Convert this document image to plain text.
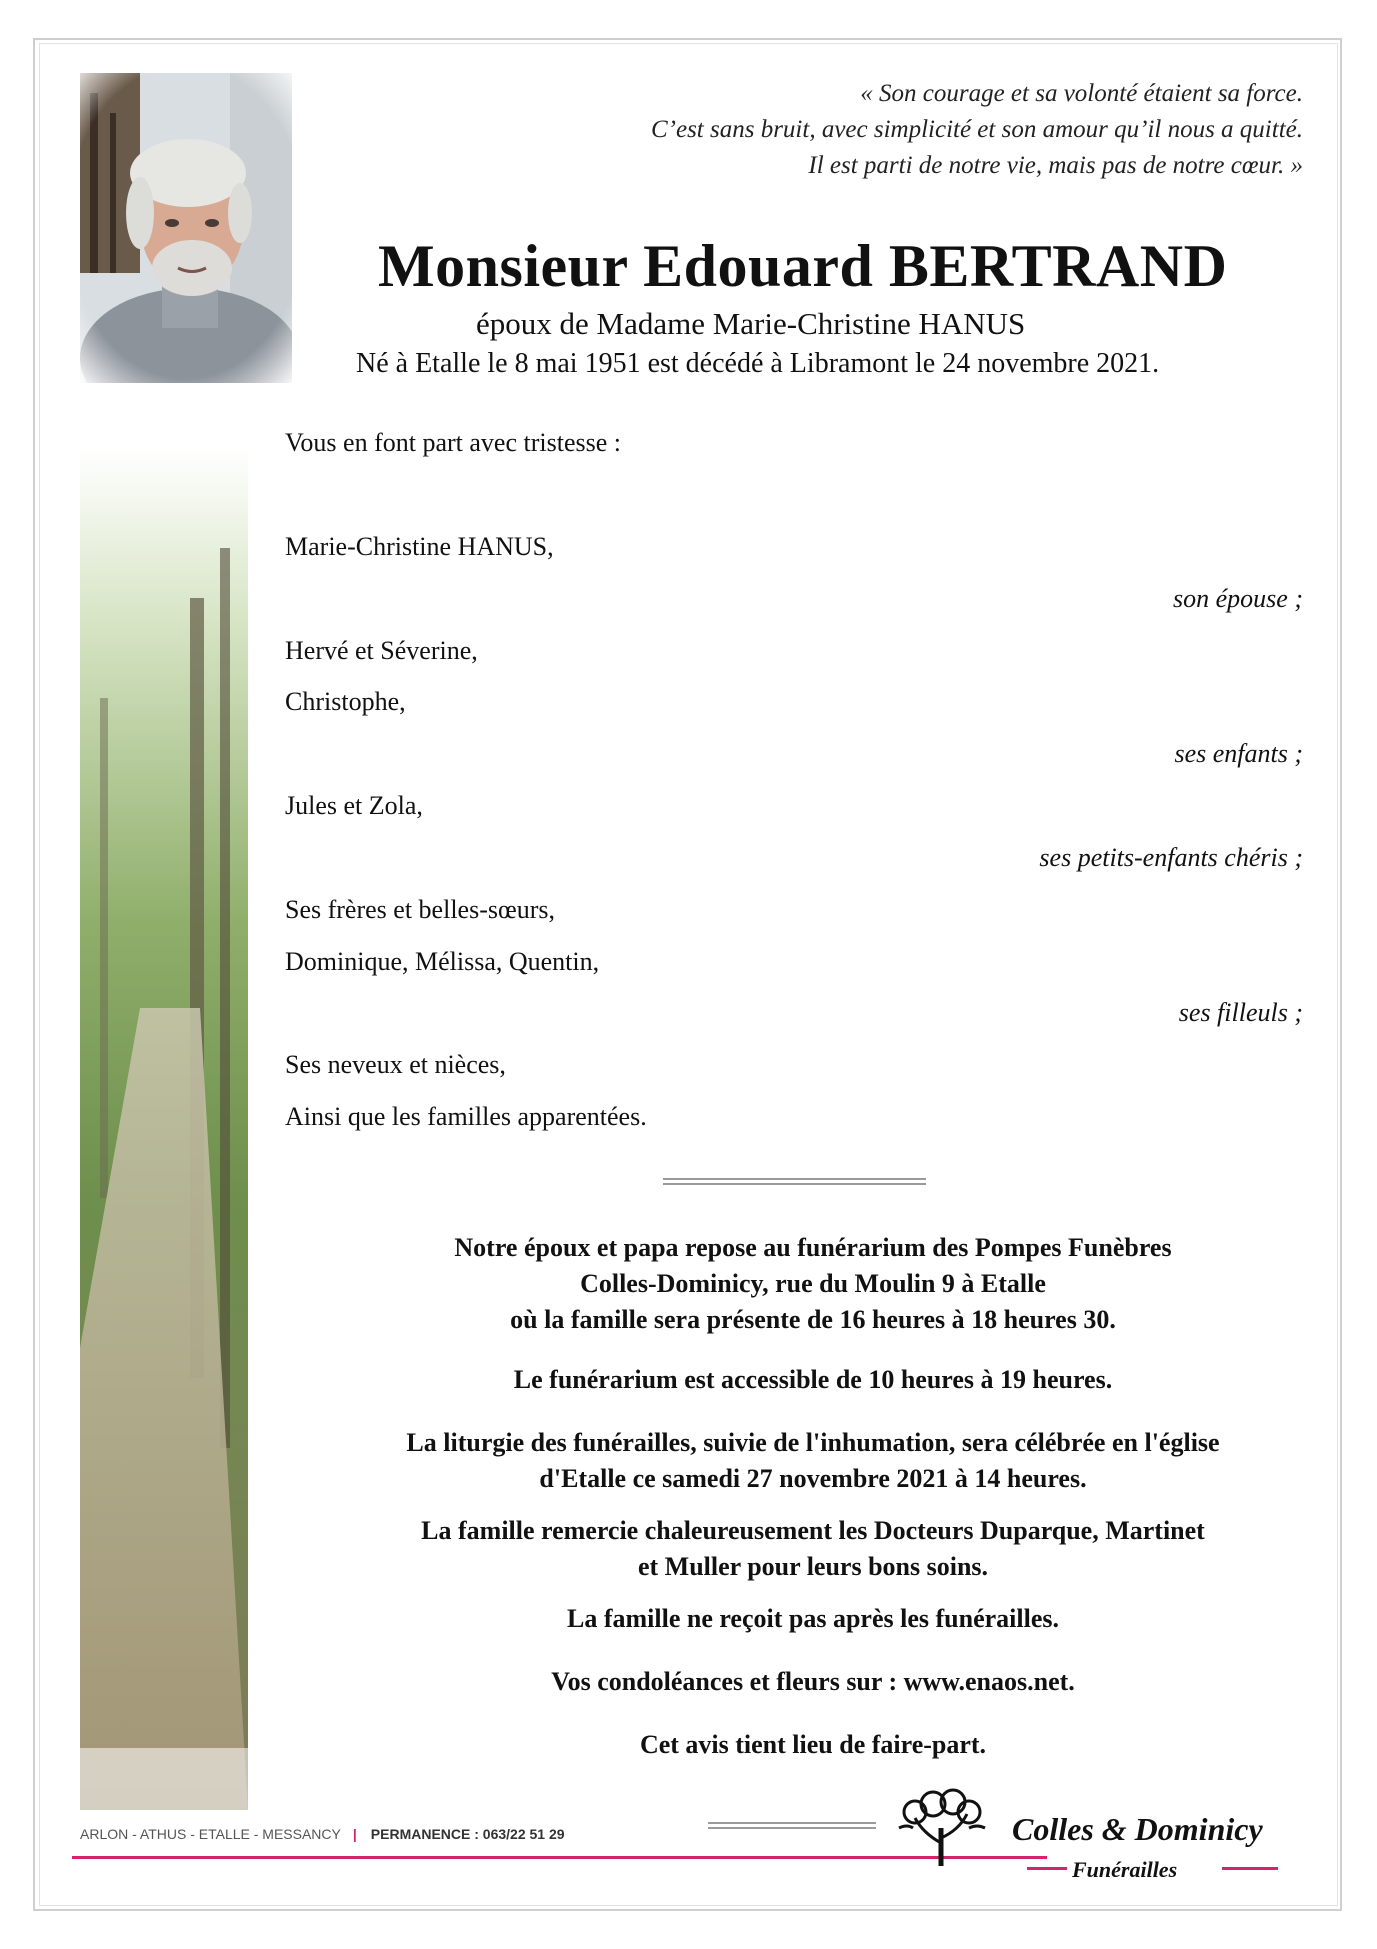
« Son courage et sa volonté étaient sa force.
C’est sans bruit, avec simplicité et son amour qu’il nous a quitté.
Il est parti de notre vie, mais pas de notre cœur. »
Monsieur Edouard BERTRAND
époux de Madame Marie-Christine HANUS
Né à Etalle le 8 mai 1951 est décédé à Libramont le 24 novembre 2021.
Vous en font part avec tristesse :
Marie-Christine HANUS,
son épouse ;
Hervé et Séverine,
Christophe,
ses enfants ;
Jules et Zola,
ses petits-enfants chéris ;
Ses frères et belles-sœurs,
Dominique, Mélissa, Quentin,
ses filleuls ;
Ses neveux et nièces,
Ainsi que les familles apparentées.
Notre époux et papa repose au funérarium des Pompes Funèbres
Colles-Dominicy, rue du Moulin 9 à Etalle
où la famille sera présente de 16 heures à 18 heures 30.
Le funérarium est accessible de 10 heures à 19 heures.
La liturgie des funérailles, suivie de l'inhumation, sera célébrée en l'église
d'Etalle ce samedi 27 novembre 2021 à 14 heures.
La famille remercie chaleureusement les Docteurs Duparque, Martinet
et Muller pour leurs bons soins.
La famille ne reçoit pas après les funérailles.
Vos condoléances et fleurs sur : www.enaos.net.
Cet avis tient lieu de faire-part.
ARLON - ATHUS - ETALLE - MESSANCY | PERMANENCE : 063/22 51 29	Colles & Dominicy
Funérailles
